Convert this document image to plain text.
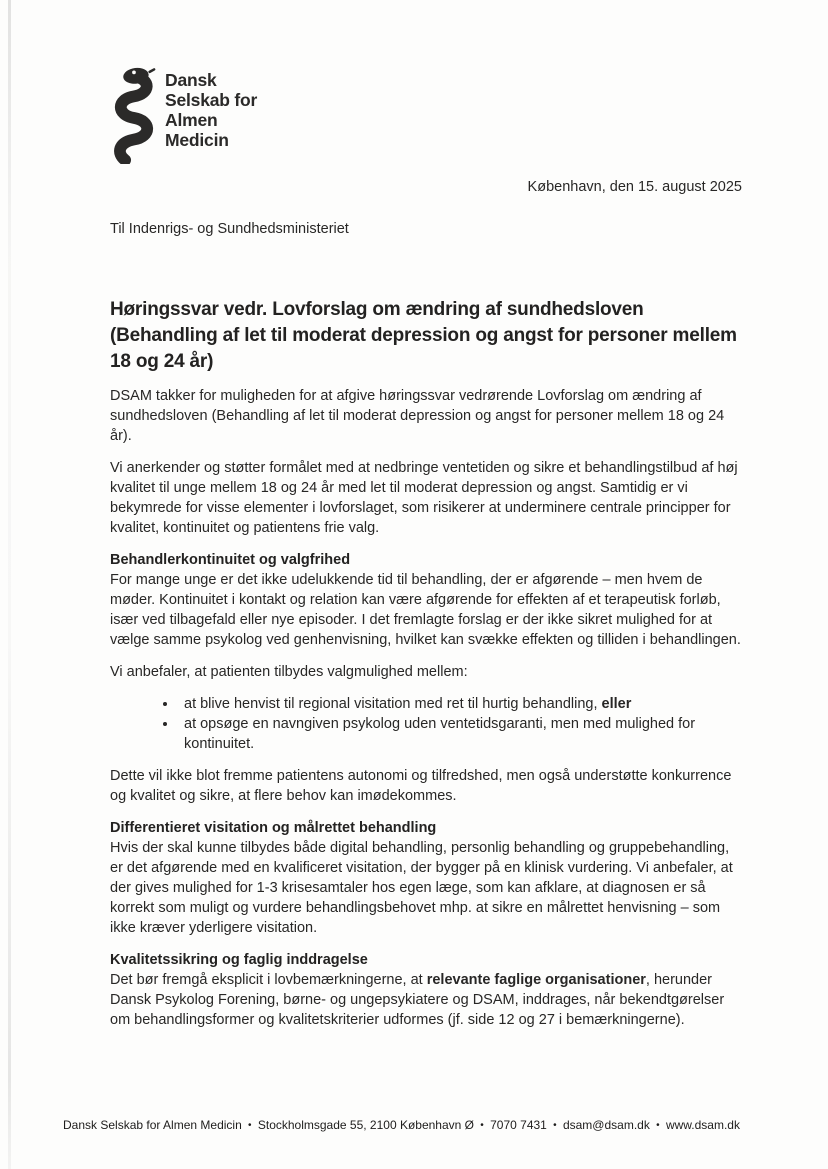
Dansk
Selskab for
Almen
Medicin
København, den 15. august 2025
Til Indenrigs- og Sundhedsministeriet
Høringssvar vedr. Lovforslag om ændring af sundhedsloven (Behandling af let til moderat depression og angst for personer mellem 18 og 24 år)

DSAM takker for muligheden for at afgive høringssvar vedrørende Lovforslag om ændring af sundhedsloven (Behandling af let til moderat depression og angst for personer mellem 18 og 24 år).

Vi anerkender og støtter formålet med at nedbringe ventetiden og sikre et behandlingstilbud af høj kvalitet til unge mellem 18 og 24 år med let til moderat depression og angst. Samtidig er vi bekymrede for visse elementer i lovforslaget, som risikerer at underminere centrale principper for kvalitet, kontinuitet og patientens frie valg.

Behandlerkontinuitet og valgfrihed

For mange unge er det ikke udelukkende tid til behandling, der er afgørende – men hvem de møder. Kontinuitet i kontakt og relation kan være afgørende for effekten af et terapeutisk forløb, især ved tilbagefald eller nye episoder. I det fremlagte forslag er der ikke sikret mulighed for at vælge samme psykolog ved genhenvisning, hvilket kan svække effekten og tilliden i behandlingen.

Vi anbefaler, at patienten tilbydes valgmulighed mellem:

• at blive henvist til regional visitation med ret til hurtig behandling, eller
• at opsøge en navngiven psykolog uden ventetidsgaranti, men med mulighed for kontinuitet.

Dette vil ikke blot fremme patientens autonomi og tilfredshed, men også understøtte konkurrence og kvalitet og sikre, at flere behov kan imødekommes.

Differentieret visitation og målrettet behandling

Hvis der skal kunne tilbydes både digital behandling, personlig behandling og gruppebehandling, er det afgørende med en kvalificeret visitation, der bygger på en klinisk vurdering. Vi anbefaler, at der gives mulighed for 1-3 krisesamtaler hos egen læge, som kan afklare, at diagnosen er så korrekt som muligt og vurdere behandlingsbehovet mhp. at sikre en målrettet henvisning – som ikke kræver yderligere visitation.

Kvalitetssikring og faglig inddragelse

Det bør fremgå eksplicit i lovbemærkningerne, at relevante faglige organisationer, herunder Dansk Psykolog Forening, børne- og ungepsykiatere og DSAM, inddrages, når bekendtgørelser om behandlingsformer og kvalitetskriterier udformes (jf. side 12 og 27 i bemærkningerne).

Dansk Selskab for Almen Medicin • Stockholmsgade 55, 2100 København Ø • 7070 7431 • dsam@dsam.dk • www.dsam.dk
